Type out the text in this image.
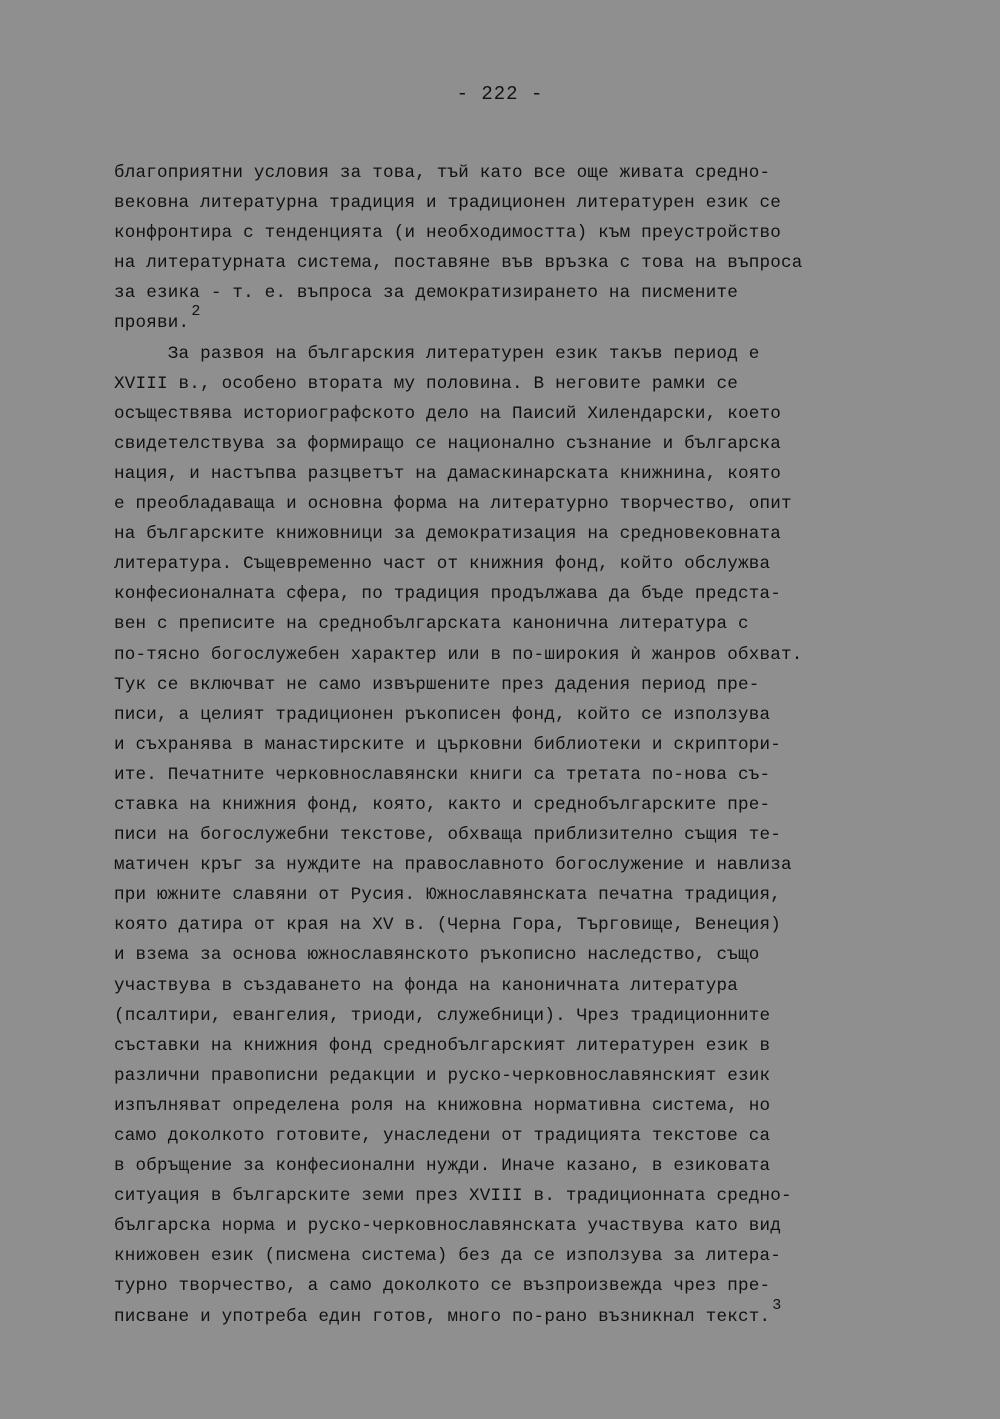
- 222 -
благоприятни условия за това, тъй като все още живата средно-
вековна литературна традиция и традиционен литературен език се
конфронтира с тенденцията (и необходимостта) към преустройство
на литературната система, поставяне във връзка с това на въпроса
за езика - т. е. въпроса за демократизирането на писмените
прояви.2
За развоя на българския литературен език такъв период е
XVIII в., особено втората му половина. В неговите рамки се
осъществява историографското дело на Паисий Хилендарски, което
свидетелствува за формиращо се национално съзнание и българска
нация, и настъпва разцветът на дамаскинарската книжнина, която
е преобладаваща и основна форма на литературно творчество, опит
на българските книжовници за демократизация на средновековната
литература. Същевременно част от книжния фонд, който обслужва
конфесионалната сфера, по традиция продължава да бъде предста-
вен с преписите на среднобългарската канонична литература с
по-тясно богослужебен характер или в по-широкия ѝ жанров обхват.
Тук се включват не само извършените през дадения период пре-
писи, а целият традиционен ръкописен фонд, който се използува
и съхранява в манастирските и църковни библиотеки и скриптори-
ите. Печатните черковнославянски книги са третата по-нова съ-
ставка на книжния фонд, която, както и среднобългарските пре-
писи на богослужебни текстове, обхваща приблизително същия те-
матичен кръг за нуждите на православното богослужение и навлиза
при южните славяни от Русия. Южнославянската печатна традиция,
която датира от края на XV в. (Черна Гора, Търговище, Венеция)
и взема за основа южнославянското ръкописно наследство, също
участвува в създаването на фонда на каноничната литература
(псалтири, евангелия, триоди, служебници). Чрез традиционните
съставки на книжния фонд среднобългарският литературен език в
различни правописни редакции и руско-черковнославянският език
изпълняват определена роля на книжовна нормативна система, но
само доколкото готовите, унаследени от традицията текстове са
в обръщение за конфесионални нужди. Иначе казано, в езиковата
ситуация в българските земи през XVIII в. традиционната средно-
българска норма и руско-черковнославянската участвува като вид
книжовен език (писмена система) без да се използува за литера-
турно творчество, а само доколкото се възпроизвежда чрез пре-
писване и употреба един готов, много по-рано възникнал текст.3
